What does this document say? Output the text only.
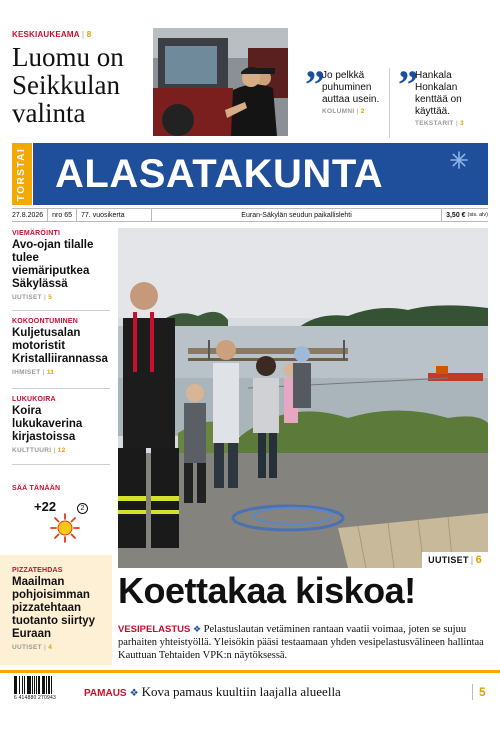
KESKIAUKEAMA | 8
Luomu on Seikkulan valinta
” Jo pelkkä puhuminen auttaa usein.
KOLUMNI | 2
” Hankala Honkalan kenttää on käyttää.
TEKSTARIT | 3
TORSTAI ALASATAKUNTA
27.8.2026	nro 65	77. vuosikerta	Euran-Säkylän seudun paikallislehti	3,50 €
(sis. alv)
VIEMÄRÖINTI
Avo-ojan tilalle tulee viemäriputkea Säkylässä
UUTISET | 5
KOKOONTUMINEN
Kuljetusalan motoristit Kristalliirannassa
IHMISET | 11
LUKUKOIRA
Koira lukukaverina kirjastoissa
KULTTUURI | 12
SÄÄ TÄNÄÄN
+22	2
PIZZATEHDAS
Maailman pohjoisimman pizzatehtaan tuotanto siirtyy Euraan
UUTISET | 4
UUTISET | 6
Koettakaa kiskoa!
VESIPELASTUS ❖ Pelastuslautan vetäminen rantaan vaatii voimaa, joten se sujuu parhaiten yhteistyöllä. Yleisökin pääsi testaamaan yhden vesipelastusvälineen hallintaa Kauttuan Tehtaiden VPK:n näytöksessä.
6 414880 270943	PAMAUS ❖ Kova pamaus kuultiin laajalla alueella	5
